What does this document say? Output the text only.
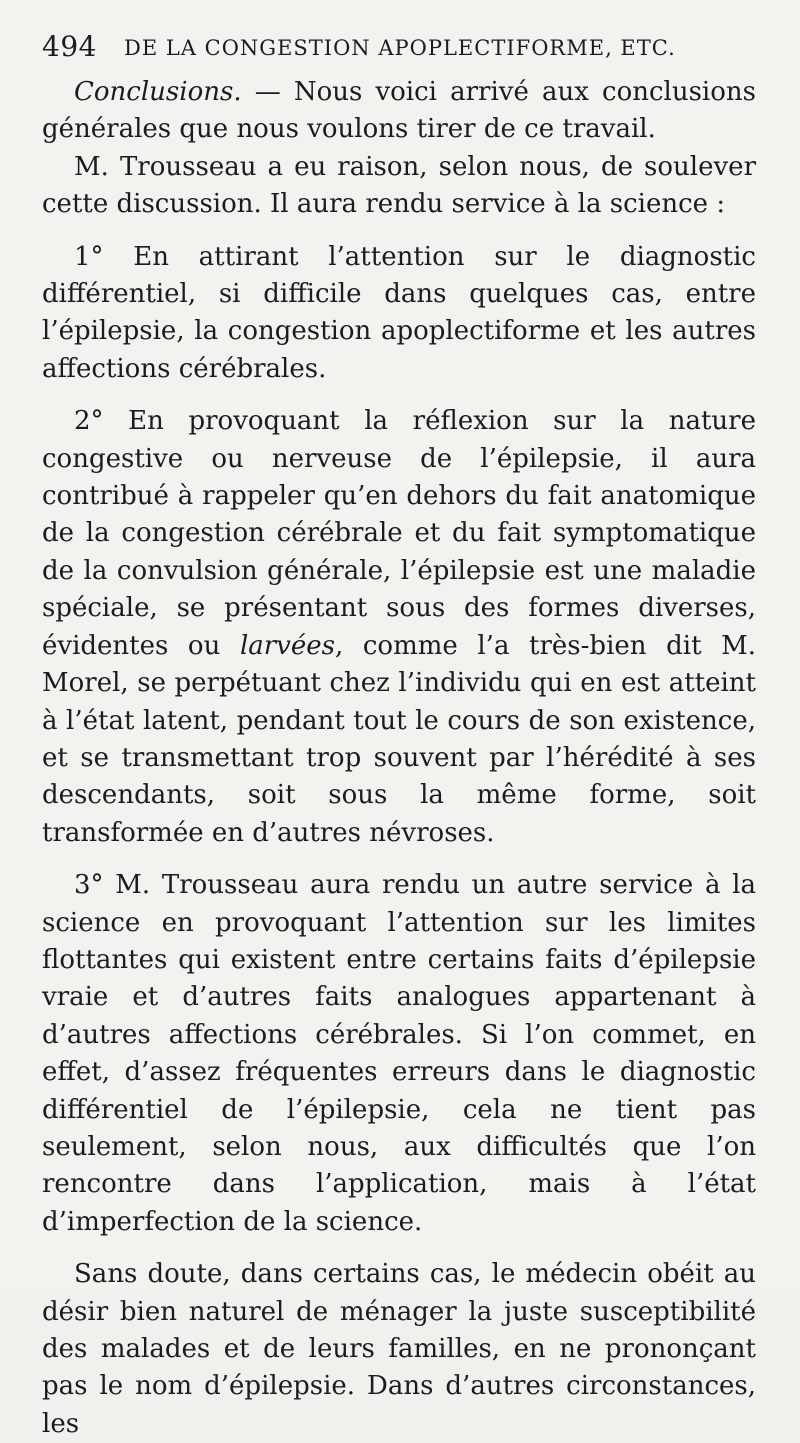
494 DE LA CONGESTION APOPLECTIFORME, ETC.

Conclusions. — Nous voici arrivé aux conclusions générales que nous voulons tirer de ce travail.

M. Trousseau a eu raison, selon nous, de soulever cette discussion. Il aura rendu service à la science :

1° En attirant l’attention sur le diagnostic différentiel, si difficile dans quelques cas, entre l’épilepsie, la congestion apoplectiforme et les autres affections cérébrales.

2° En provoquant la réflexion sur la nature congestive ou nerveuse de l’épilepsie, il aura contribué à rappeler qu’en dehors du fait anatomique de la congestion cérébrale et du fait symptomatique de la convulsion générale, l’épilepsie est une maladie spéciale, se présentant sous des formes diverses, évidentes ou larvées, comme l’a très-bien dit M. Morel, se perpétuant chez l’individu qui en est atteint à l’état latent, pendant tout le cours de son existence, et se transmettant trop souvent par l’hérédité à ses descendants, soit sous la même forme, soit transformée en d’autres névroses.

3° M. Trousseau aura rendu un autre service à la science en provoquant l’attention sur les limites flottantes qui existent entre certains faits d’épilepsie vraie et d’autres faits analogues appartenant à d’autres affections cérébrales. Si l’on commet, en effet, d’assez fréquentes erreurs dans le diagnostic différentiel de l’épilepsie, cela ne tient pas seulement, selon nous, aux difficultés que l’on rencontre dans l’application, mais à l’état d’imperfection de la science.

Sans doute, dans certains cas, le médecin obéit au désir bien naturel de ménager la juste susceptibilité des malades et de leurs familles, en ne prononçant pas le nom d’épilepsie. Dans d’autres circonstances, les
